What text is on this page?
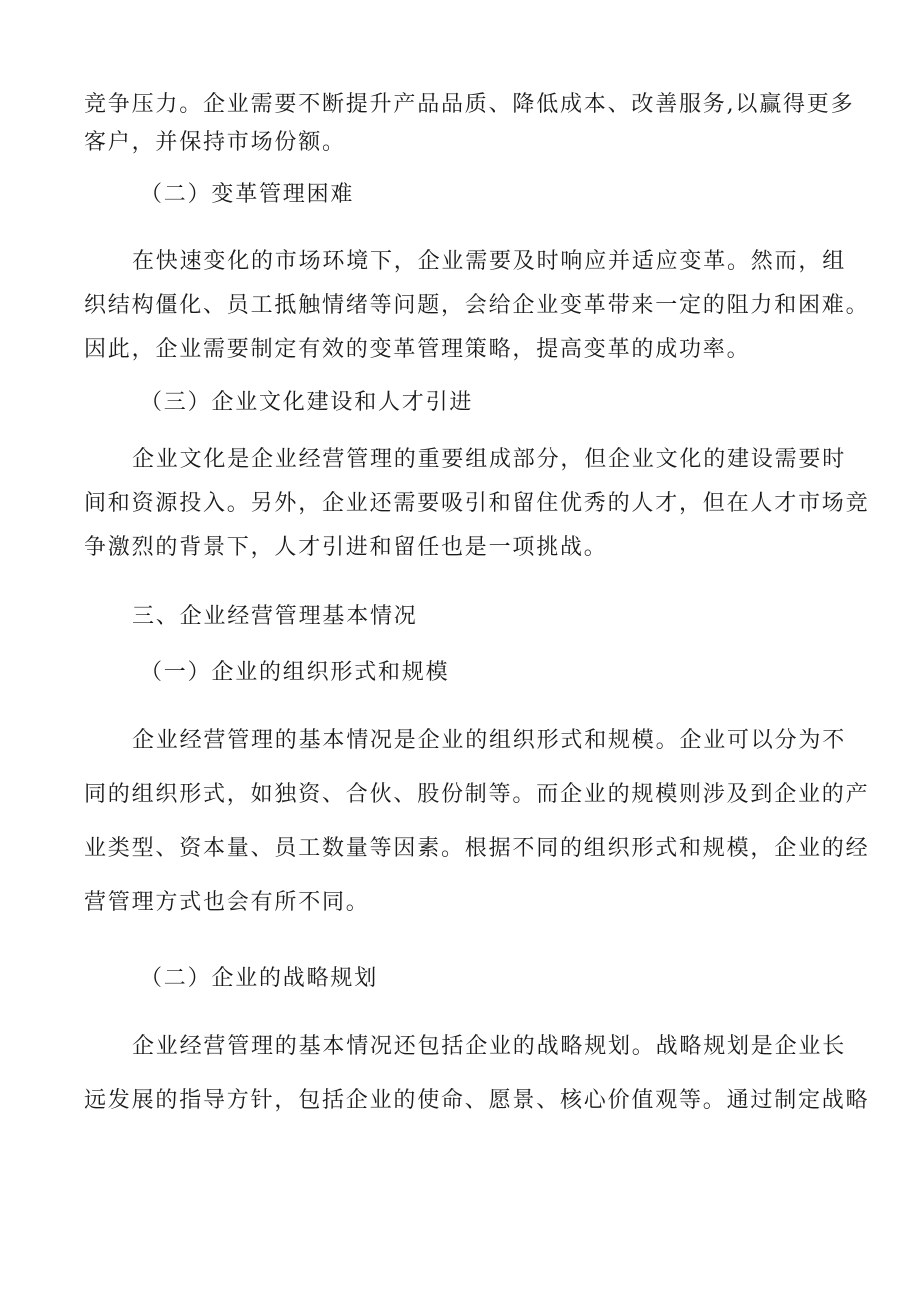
竞争压力。企业需要不断提升产品品质、降低成本、改善服务,以赢得更多
客户，并保持市场份额。

（二）变革管理困难

在快速变化的市场环境下，企业需要及时响应并适应变革。然而，组
织结构僵化、员工抵触情绪等问题，会给企业变革带来一定的阻力和困难。
因此，企业需要制定有效的变革管理策略，提高变革的成功率。

（三）企业文化建设和人才引进

企业文化是企业经营管理的重要组成部分，但企业文化的建设需要时
间和资源投入。另外，企业还需要吸引和留住优秀的人才，但在人才市场竞
争激烈的背景下，人才引进和留任也是一项挑战。

三、企业经营管理基本情况

（一）企业的组织形式和规模

企业经营管理的基本情况是企业的组织形式和规模。企业可以分为不
同的组织形式，如独资、合伙、股份制等。而企业的规模则涉及到企业的产
业类型、资本量、员工数量等因素。根据不同的组织形式和规模，企业的经
营管理方式也会有所不同。

（二）企业的战略规划

企业经营管理的基本情况还包括企业的战略规划。战略规划是企业长
远发展的指导方针，包括企业的使命、愿景、核心价值观等。通过制定战略
